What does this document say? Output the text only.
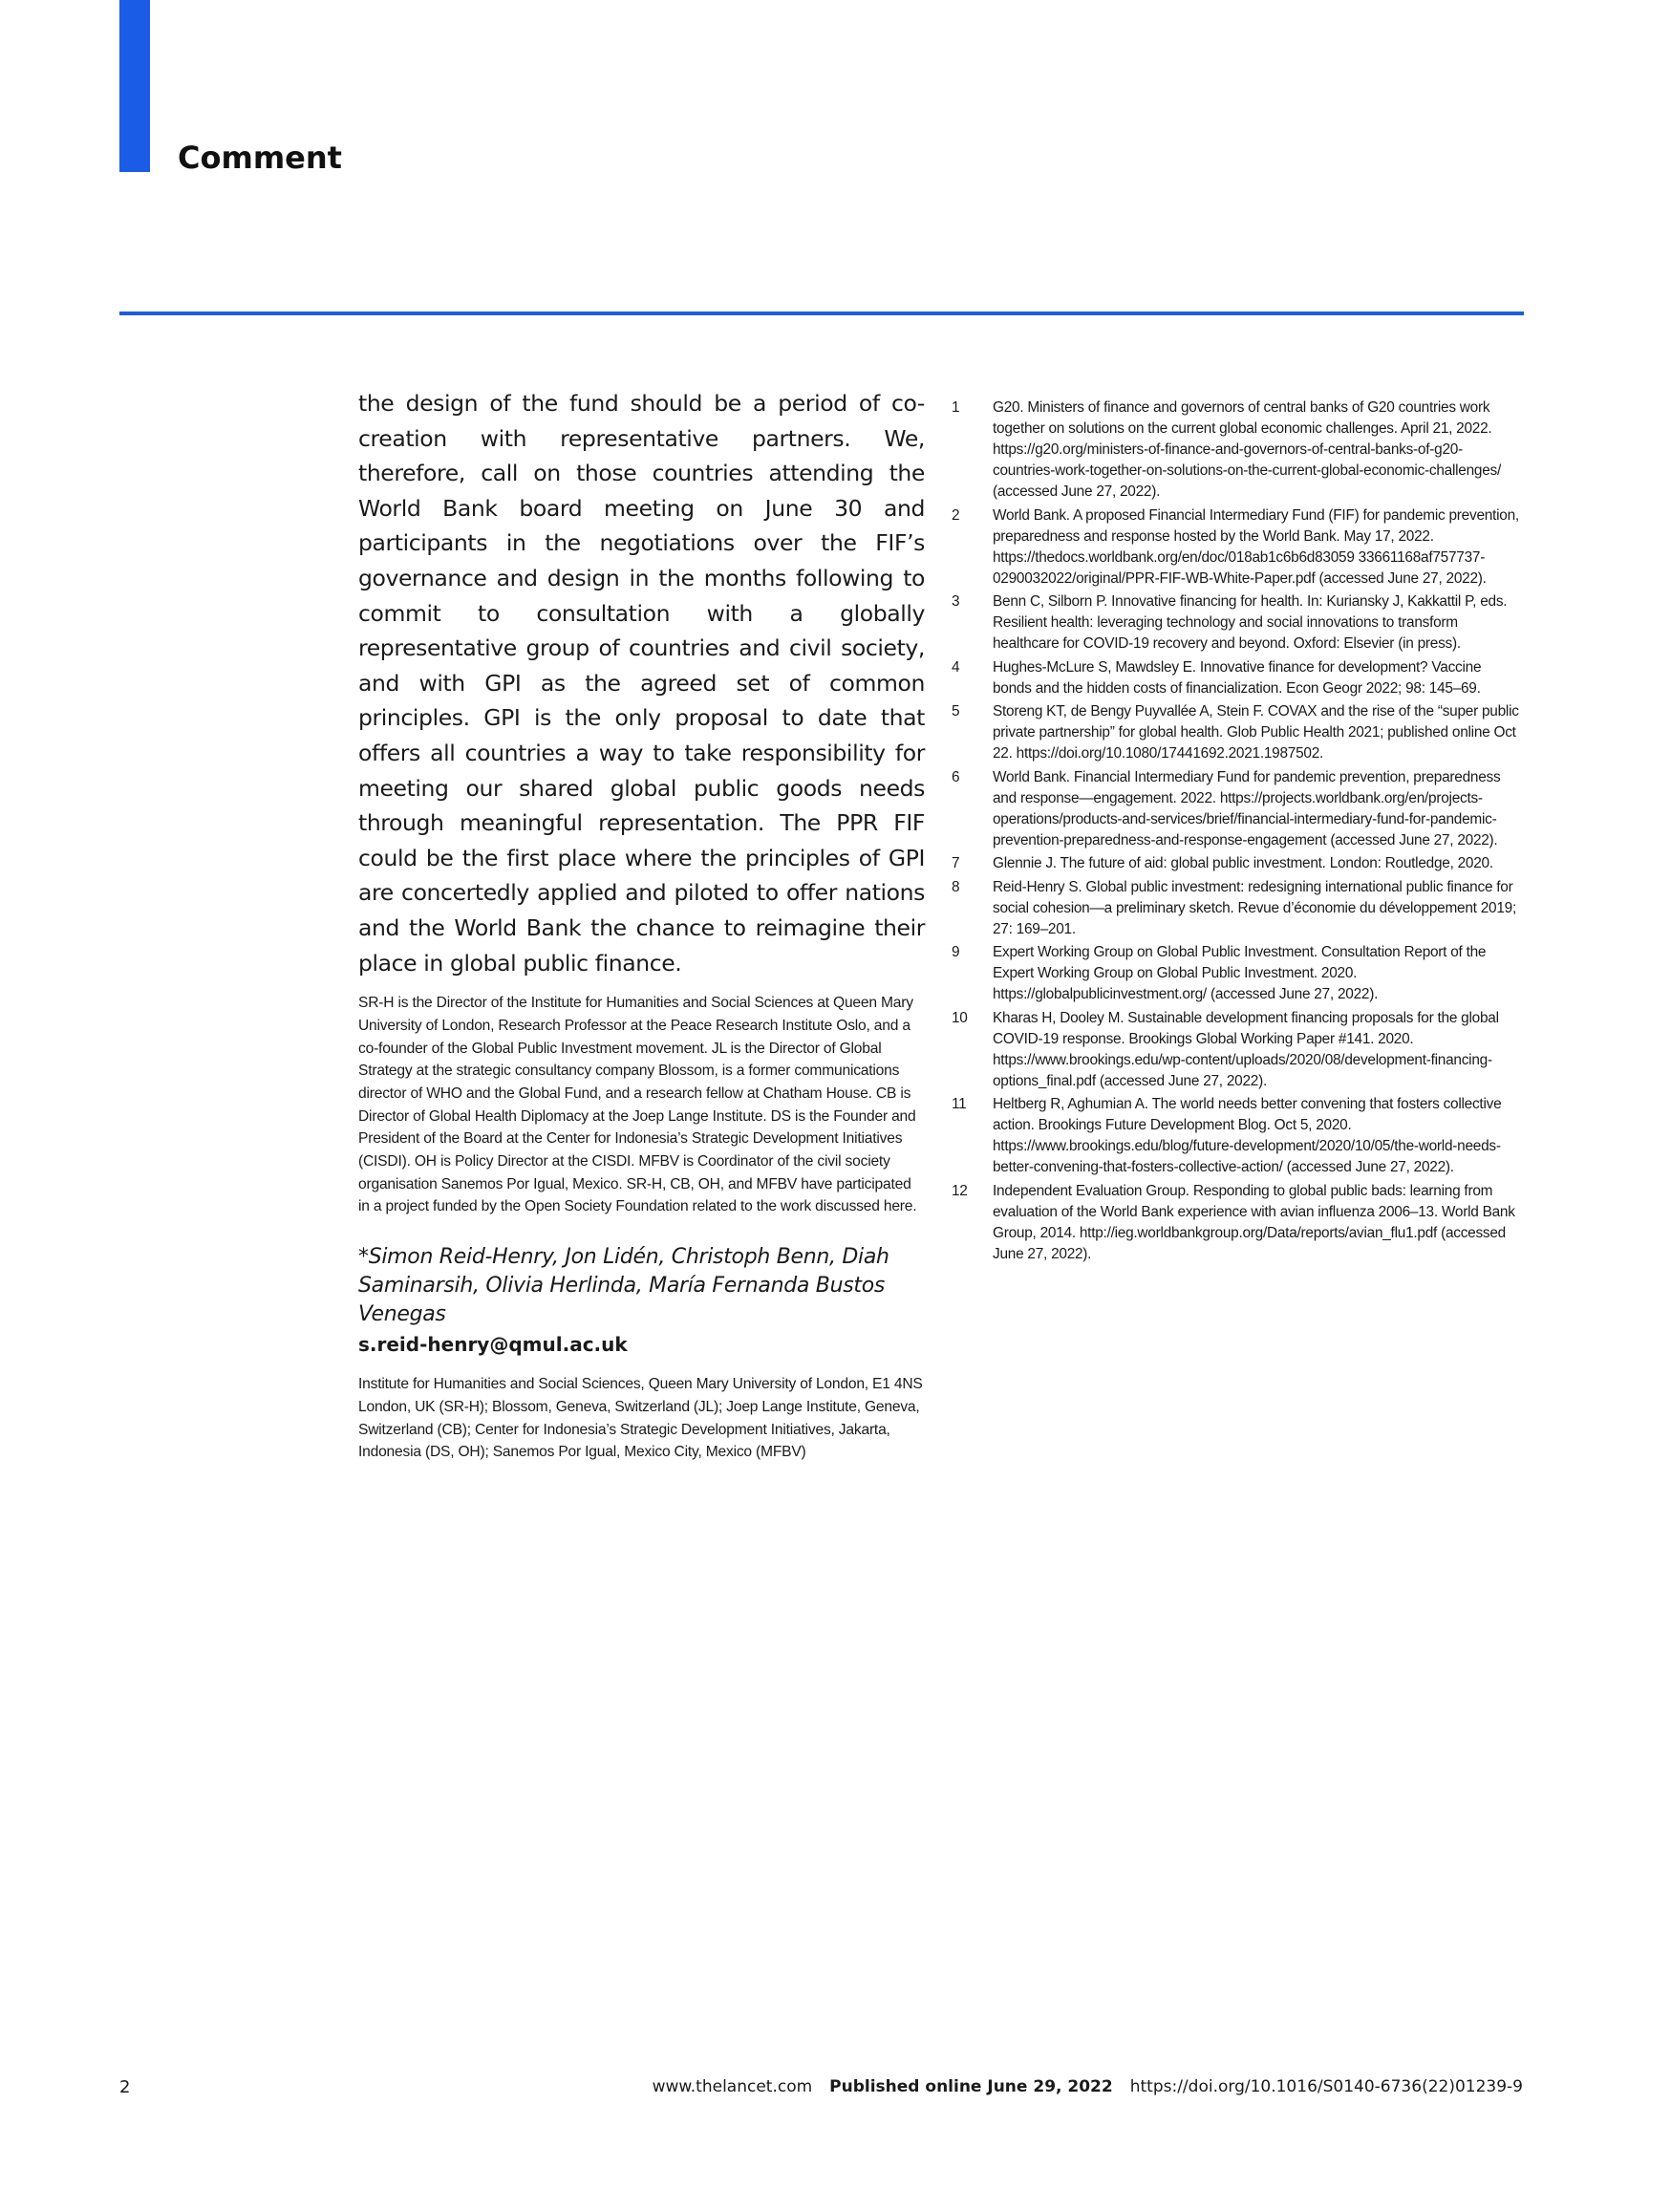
Comment

the design of the fund should be a period of co-creation with representative partners. We, therefore, call on those countries attending the World Bank board meeting on June 30 and participants in the negotiations over the FIF’s governance and design in the months following to commit to consultation with a globally representative group of countries and civil society, and with GPI as the agreed set of common principles. GPI is the only proposal to date that offers all countries a way to take responsibility for meeting our shared global public goods needs through meaningful representation. The PPR FIF could be the first place where the principles of GPI are concertedly applied and piloted to offer nations and the World Bank the chance to reimagine their place in global public finance.

SR-H is the Director of the Institute for Humanities and Social Sciences at Queen Mary University of London, Research Professor at the Peace Research Institute Oslo, and a co-founder of the Global Public Investment movement. JL is the Director of Global Strategy at the strategic consultancy company Blossom, is a former communications director of WHO and the Global Fund, and a research fellow at Chatham House. CB is Director of Global Health Diplomacy at the Joep Lange Institute. DS is the Founder and President of the Board at the Center for Indonesia’s Strategic Development Initiatives (CISDI). OH is Policy Director at the CISDI. MFBV is Coordinator of the civil society organisation Sanemos Por Igual, Mexico. SR-H, CB, OH, and MFBV have participated in a project funded by the Open Society Foundation related to the work discussed here.

*Simon Reid-Henry, Jon Lidén, Christoph Benn, Diah Saminarsih, Olivia Herlinda, María Fernanda Bustos Venegas

s.reid-henry@qmul.ac.uk

Institute for Humanities and Social Sciences, Queen Mary University of London, E1 4NS London, UK (SR-H); Blossom, Geneva, Switzerland (JL); Joep Lange Institute, Geneva, Switzerland (CB); Center for Indonesia’s Strategic Development Initiatives, Jakarta, Indonesia (DS, OH); Sanemos Por Igual, Mexico City, Mexico (MFBV)

1	G20. Ministers of finance and governors of central banks of G20 countries work together on solutions on the current global economic challenges. April 21, 2022. https://g20.org/ministers-of-finance-and-governors-of-central-banks-of-g20-countries-work-together-on-solutions-on-the-current-global-economic-challenges/ (accessed June 27, 2022).
2	World Bank. A proposed Financial Intermediary Fund (FIF) for pandemic prevention, preparedness and response hosted by the World Bank. May 17, 2022. https://thedocs.worldbank.org/en/doc/018ab1c6b6d83059 33661168af757737-0290032022/original/PPR-FIF-WB-White-Paper.pdf (accessed June 27, 2022).
3	Benn C, Silborn P. Innovative financing for health. In: Kuriansky J, Kakkattil P, eds. Resilient health: leveraging technology and social innovations to transform healthcare for COVID-19 recovery and beyond. Oxford: Elsevier (in press).
4	Hughes-McLure S, Mawdsley E. Innovative finance for development? Vaccine bonds and the hidden costs of financialization. Econ Geogr 2022; 98: 145–69.
5	Storeng KT, de Bengy Puyvallée A, Stein F. COVAX and the rise of the “super public private partnership” for global health. Glob Public Health 2021; published online Oct 22. https://doi.org/10.1080/17441692.2021.1987502.
6	World Bank. Financial Intermediary Fund for pandemic prevention, preparedness and response—engagement. 2022. https://projects.worldbank.org/en/projects-operations/products-and-services/brief/financial-intermediary-fund-for-pandemic-prevention-preparedness-and-response-engagement (accessed June 27, 2022).
7	Glennie J. The future of aid: global public investment. London: Routledge, 2020.
8	Reid-Henry S. Global public investment: redesigning international public finance for social cohesion—a preliminary sketch. Revue d’économie du développement 2019; 27: 169–201.
9	Expert Working Group on Global Public Investment. Consultation Report of the Expert Working Group on Global Public Investment. 2020. https://globalpublicinvestment.org/ (accessed June 27, 2022).
10	Kharas H, Dooley M. Sustainable development financing proposals for the global COVID-19 response. Brookings Global Working Paper #141. 2020. https://www.brookings.edu/wp-content/uploads/2020/08/development-financing-options_final.pdf (accessed June 27, 2022).
11	Heltberg R, Aghumian A. The world needs better convening that fosters collective action. Brookings Future Development Blog. Oct 5, 2020. https://www.brookings.edu/blog/future-development/2020/10/05/the-world-needs-better-convening-that-fosters-collective-action/ (accessed June 27, 2022).
12	Independent Evaluation Group. Responding to global public bads: learning from evaluation of the World Bank experience with avian influenza 2006–13. World Bank Group, 2014. http://ieg.worldbankgroup.org/Data/reports/avian_flu1.pdf (accessed June 27, 2022).
2	www.thelancet.com Published online June 29, 2022 https://doi.org/10.1016/S0140-6736(22)01239-9
